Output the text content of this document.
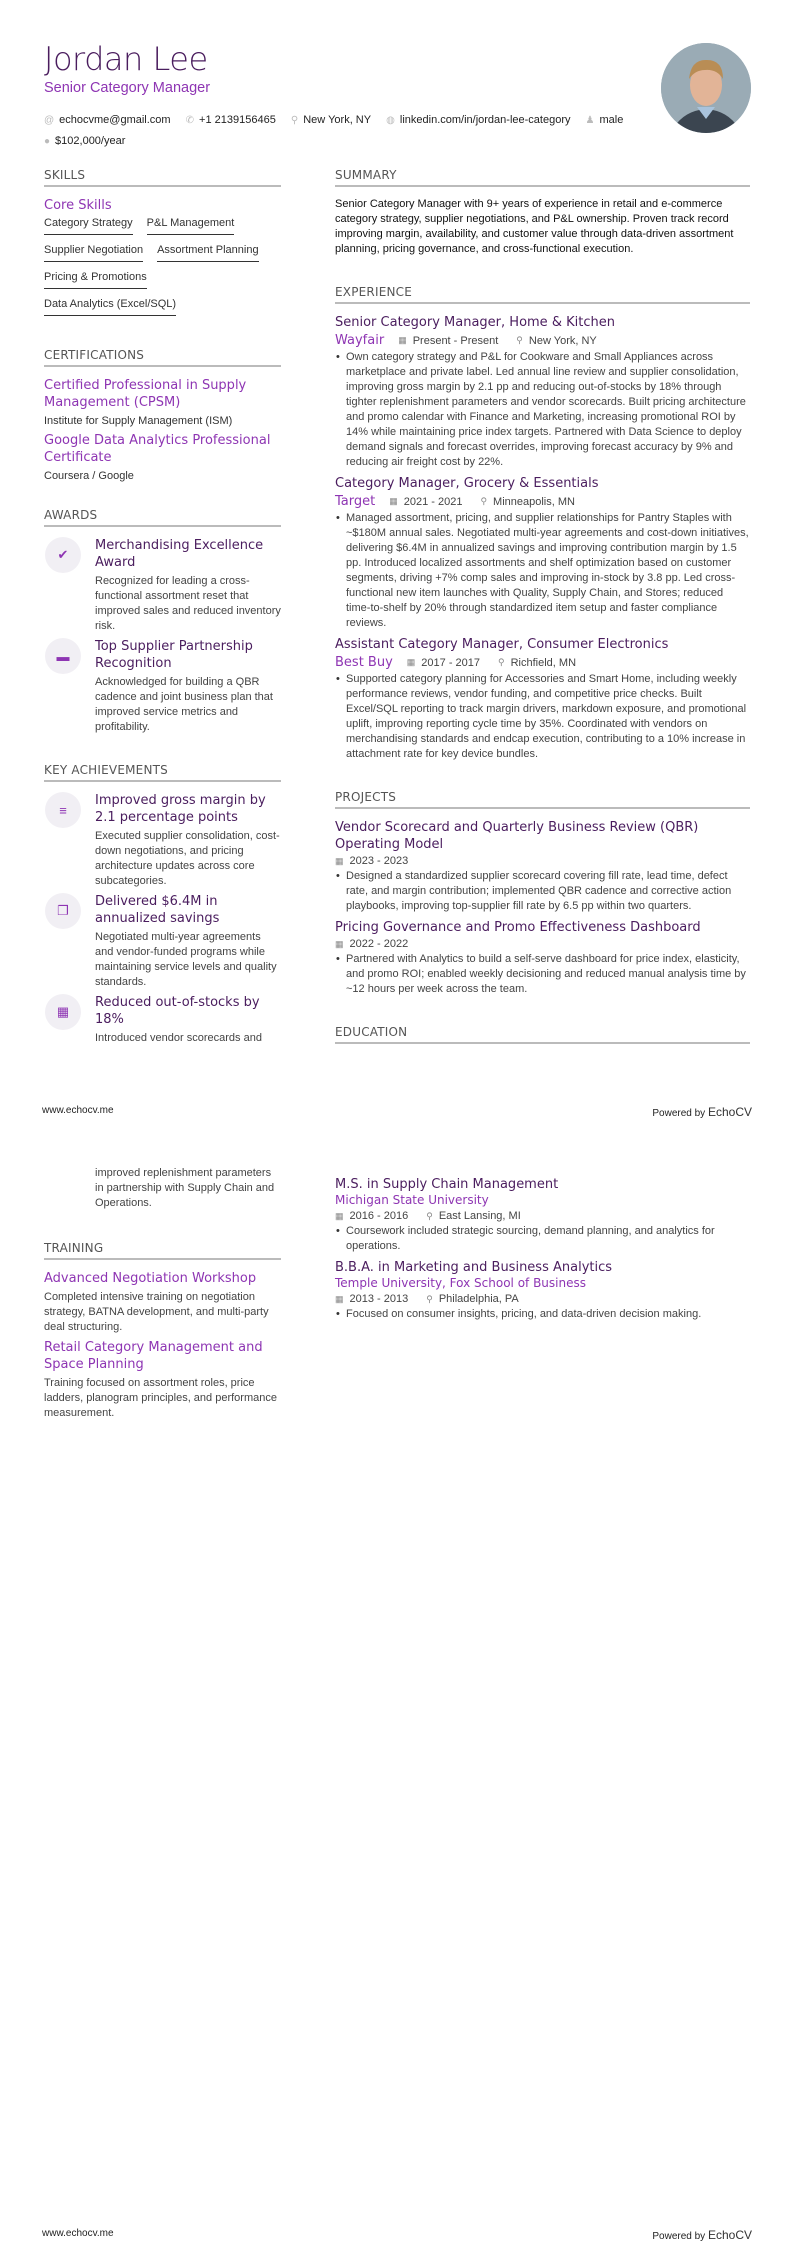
Jordan Lee
Senior Category Manager
@ echocvme@gmail.com ✆ +1 2139156465 ⚲ New York, NY ◍ linkedin.com/in/jordan-lee-category ♟ male
● $102,000/year
SKILLS
Core Skills
Category Strategy P&L Management
Supplier Negotiation Assortment Planning
Pricing & Promotions
Data Analytics (Excel/SQL)
CERTIFICATIONS
Certified Professional in Supply Management (CPSM)
Institute for Supply Management (ISM)
Google Data Analytics Professional Certificate
Coursera / Google
AWARDS
✔
Merchandising Excellence Award
Recognized for leading a cross-functional assortment reset that improved sales and reduced inventory risk.
▬
Top Supplier Partnership Recognition
Acknowledged for building a QBR cadence and joint business plan that improved service metrics and profitability.
KEY ACHIEVEMENTS
≡
Improved gross margin by 2.1 percentage points
Executed supplier consolidation, cost-down negotiations, and pricing architecture updates across core subcategories.
❐
Delivered $6.4M in annualized savings
Negotiated multi-year agreements and vendor-funded programs while maintaining service levels and quality standards.
▦
Reduced out-of-stocks by 18%
Introduced vendor scorecards and
SUMMARY
Senior Category Manager with 9+ years of experience in retail and e-commerce category strategy, supplier negotiations, and P&L ownership. Proven track record improving margin, availability, and customer value through data-driven assortment planning, pricing governance, and cross-functional execution.
EXPERIENCE
Senior Category Manager, Home & Kitchen
Wayfair ▦ Present - Present ⚲ New York, NY
• Own category strategy and P&L for Cookware and Small Appliances across marketplace and private label. Led annual line review and supplier consolidation, improving gross margin by 2.1 pp and reducing out-of-stocks by 18% through tighter replenishment parameters and vendor scorecards. Built pricing architecture and promo calendar with Finance and Marketing, increasing promotional ROI by 14% while maintaining price index targets. Partnered with Data Science to deploy demand signals and forecast overrides, improving forecast accuracy by 9% and reducing air freight cost by 22%.
Category Manager, Grocery & Essentials
Target ▦ 2021 - 2021 ⚲ Minneapolis, MN
• Managed assortment, pricing, and supplier relationships for Pantry Staples with ~$180M annual sales. Negotiated multi-year agreements and cost-down initiatives, delivering $6.4M in annualized savings and improving contribution margin by 1.5 pp. Introduced localized assortments and shelf optimization based on customer segments, driving +7% comp sales and improving in-stock by 3.8 pp. Led cross-functional new item launches with Quality, Supply Chain, and Stores; reduced time-to-shelf by 20% through standardized item setup and faster compliance reviews.
Assistant Category Manager, Consumer Electronics
Best Buy ▦ 2017 - 2017 ⚲ Richfield, MN
• Supported category planning for Accessories and Smart Home, including weekly performance reviews, vendor funding, and competitive price checks. Built Excel/SQL reporting to track margin drivers, markdown exposure, and promotional uplift, improving reporting cycle time by 35%. Coordinated with vendors on merchandising standards and endcap execution, contributing to a 10% increase in attachment rate for key device bundles.
PROJECTS
Vendor Scorecard and Quarterly Business Review (QBR) Operating Model
▦ 2023 - 2023
• Designed a standardized supplier scorecard covering fill rate, lead time, defect rate, and margin contribution; implemented QBR cadence and corrective action playbooks, improving top-supplier fill rate by 6.5 pp within two quarters.
Pricing Governance and Promo Effectiveness Dashboard
▦ 2022 - 2022
• Partnered with Analytics to build a self-serve dashboard for price index, elasticity, and promo ROI; enabled weekly decisioning and reduced manual analysis time by ~12 hours per week across the team.
EDUCATION
www.echocv.me	Powered by EchoCV
improved replenishment parameters in partnership with Supply Chain and Operations.
TRAINING
Advanced Negotiation Workshop
Completed intensive training on negotiation strategy, BATNA development, and multi-party deal structuring.
Retail Category Management and Space Planning
Training focused on assortment roles, price ladders, planogram principles, and performance measurement.
M.S. in Supply Chain Management
Michigan State University
▦ 2016 - 2016 ⚲ East Lansing, MI
• Coursework included strategic sourcing, demand planning, and analytics for operations.
B.B.A. in Marketing and Business Analytics
Temple University, Fox School of Business
▦ 2013 - 2013 ⚲ Philadelphia, PA
• Focused on consumer insights, pricing, and data-driven decision making.
www.echocv.me	Powered by EchoCV
